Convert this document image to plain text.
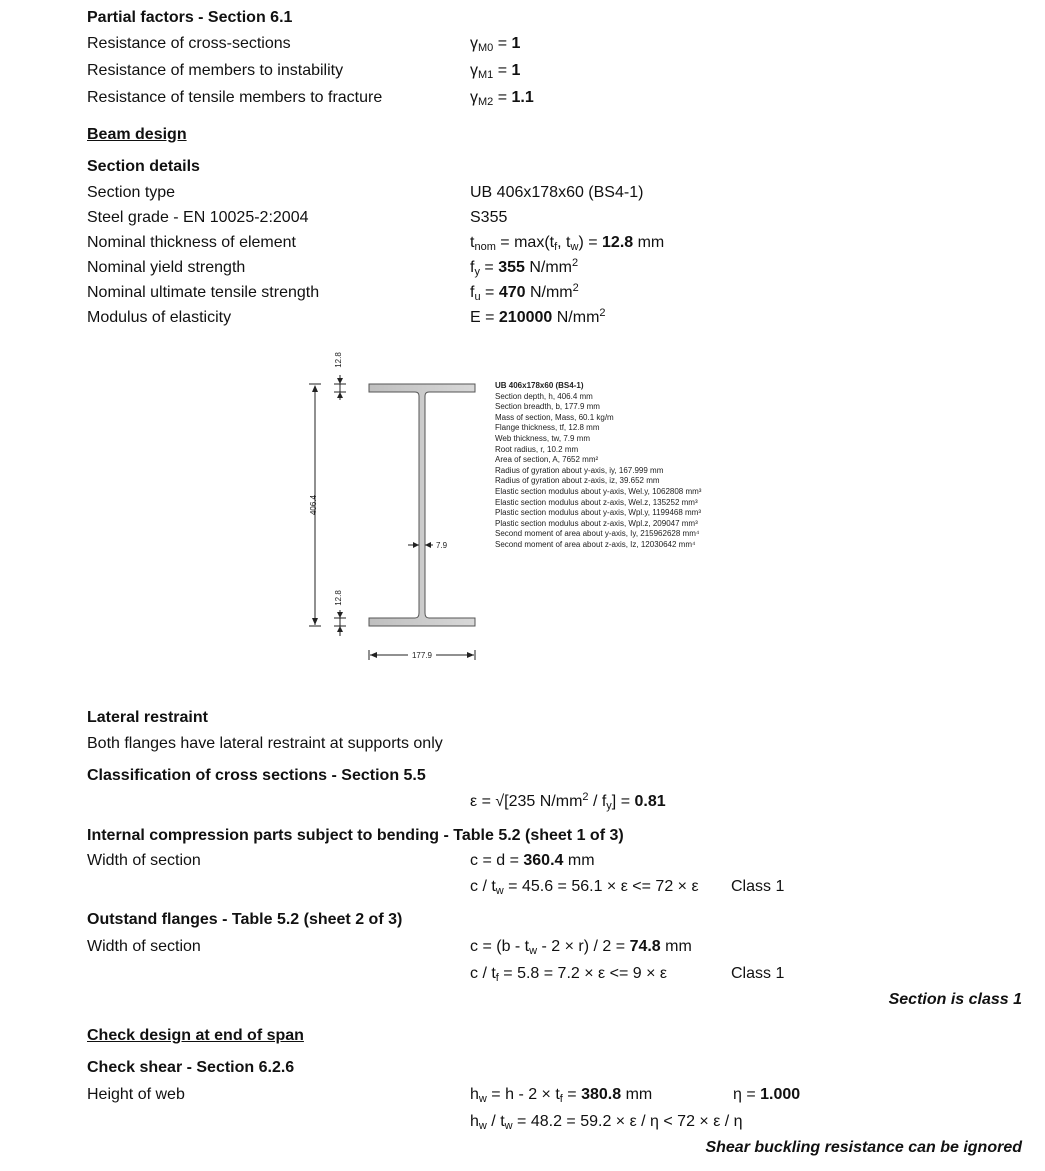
Partial factors - Section 6.1
Resistance of cross-sections	$\gamma_{M0} = 1$
Resistance of members to instability	$\gamma_{M1} = 1$
Resistance of tensile members to fracture	$\gamma_{M2} = 1.1$
Beam design
Section details
Section type	UB 406x178x60 (BS4-1)
Steel grade - EN 10025-2:2004	S355
Nominal thickness of element	$t_{nom} = \max(t_f$, $t_w) = 12.8$ mm
Nominal yield strength	$f_y = 355$ $N/mm^2$
Nominal ultimate tensile strength	$f_u = 470$ $N/mm^2$
Modulus of elasticity	E = 210000 $N/mm^2$
406.4
12.8
12.8
7.9
177.9
UB 406x178x60 (BS4-1)
Section depth, h, 406.4 mm
Section breadth, b, 177.9 mm
Mass of section, Mass, 60.1 kg/m
Flange thickness, tf, 12.8 mm
Web thickness, tw, 7.9 mm
Root radius, r, 10.2 mm
Area of section, A, 7652 mm²
Radius of gyration about y-axis, iy, 167.999 mm
Radius of gyration about z-axis, iz, 39.652 mm
Elastic section modulus about y-axis, Wel.y, 1062808 mm³
Elastic section modulus about z-axis, Wel.z, 135252 mm³
Plastic section modulus about y-axis, Wpl.y, 1199468 mm³
Plastic section modulus about z-axis, Wpl.z, 209047 mm³
Second moment of area about y-axis, Iy, 215962628 mm⁴
Second moment of area about z-axis, Iz, 12030642 mm⁴
Lateral restraint
Both flanges have lateral restraint at supports only
Classification of cross sections - Section 5.5
ε = √[235 $N/mm^2 / f_y] = 0.81$
Internal compression parts subject to bending - Table 5.2 (sheet 1 of 3)
Width of section	c = d = 360.4 mm
$c / t_w = 45.6 = 56.1 \times \varepsilon <= 72 \times \varepsilon$ Class 1
Outstand flanges - Table 5.2 (sheet 2 of 3)
Width of section	$c = (b - t_w - 2 \times r) / 2 = 74.8$ mm
$c / t_f = 5.8 = 7.2 \times \varepsilon <= 9 \times \varepsilon$	Class 1
Section is class 1
Check design at end of span
Check shear - Section 6.2.6
Height of web	$h_w = h - 2 \times t_f = 380.8$ mm	η = 1.000
$h_w / t_w = 48.2 = 59.2 \times \varepsilon / \eta < 72 \times \varepsilon / \eta$
Shear buckling resistance can be ignored
